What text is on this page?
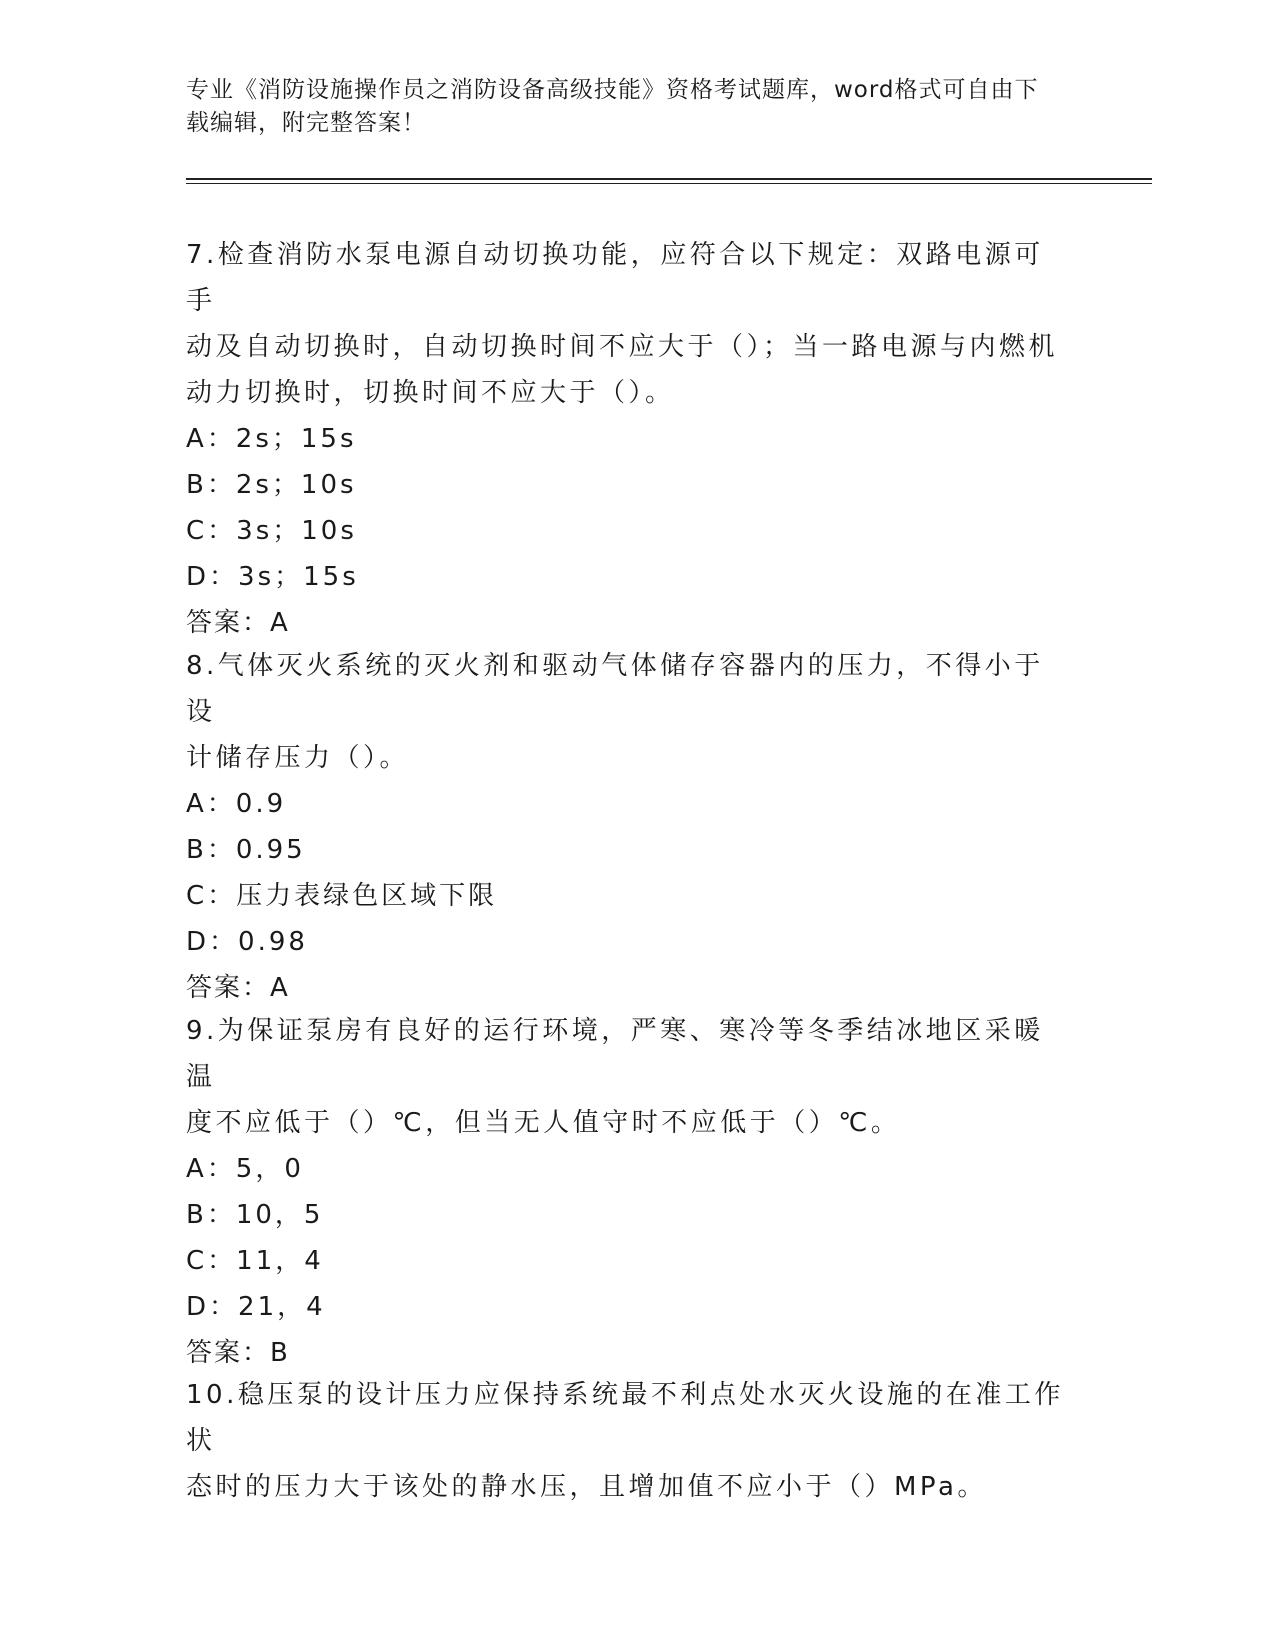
专业《消防设施操作员之消防设备高级技能》资格考试题库，word格式可自由下
载编辑，附完整答案！

7.检查消防水泵电源自动切换功能，应符合以下规定：双路电源可手

动及自动切换时，自动切换时间不应大于（）；当一路电源与内燃机

动力切换时，切换时间不应大于（）。

A：2s；15s

B：2s；10s

C：3s；10s

D：3s；15s

答案：A

8.气体灭火系统的灭火剂和驱动气体储存容器内的压力，不得小于设

计储存压力（）。

A：0.9

B：0.95

C：压力表绿色区域下限

D：0.98

答案：A

9.为保证泵房有良好的运行环境，严寒、寒冷等冬季结冰地区采暖温

度不应低于（）℃，但当无人值守时不应低于（）℃。

A：5，0

B：10，5

C：11，4

D：21，4

答案：B

10.稳压泵的设计压力应保持系统最不利点处水灭火设施的在准工作状

态时的压力大于该处的静水压，且增加值不应小于（）MPa。
